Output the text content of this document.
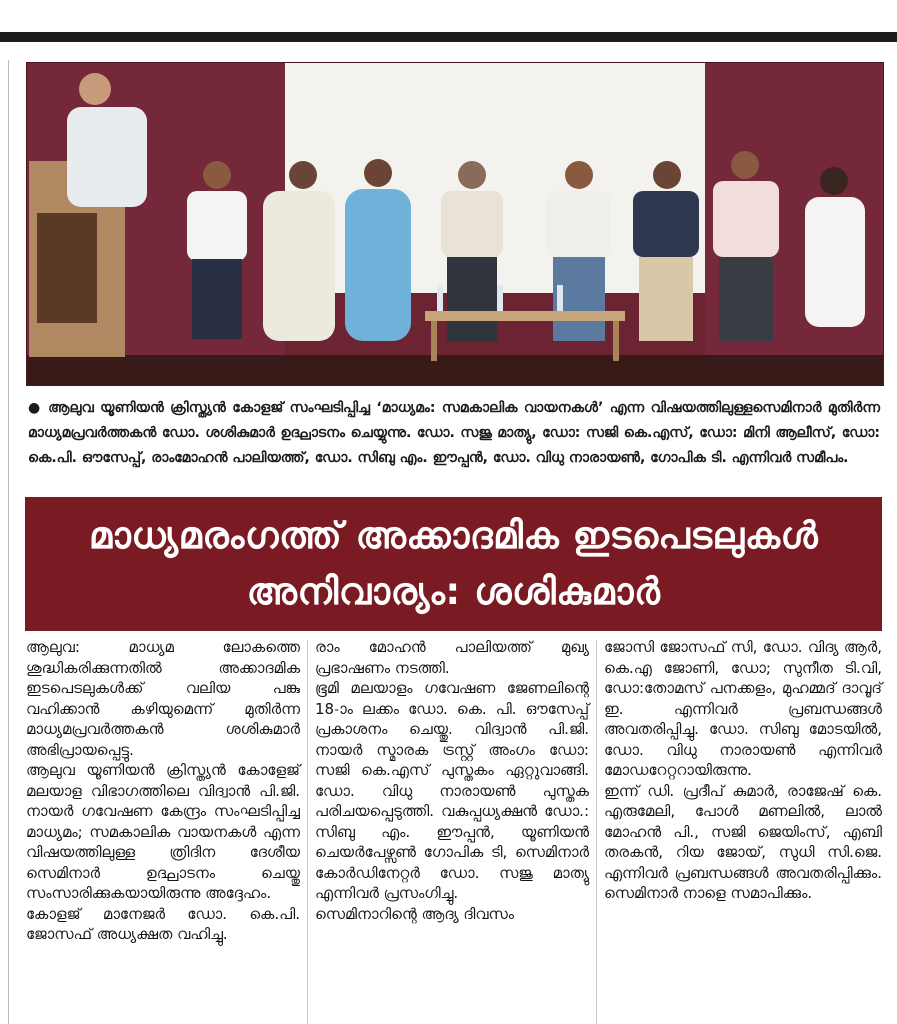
● ആലുവ യൂണിയൻ ക്രിസ്ത്യൻ കോളജ് സംഘടിപ്പിച്ച ‘മാധ്യമം: സമകാലിക വായനകൾ’ എന്ന വിഷയത്തിലുള്ളസെമിനാർ മുതിർന്ന മാധ്യമപ്രവർത്തകൻ ഡോ. ശശികുമാർ ഉദ്ഘാടനം ചെയ്യുന്നു. ഡോ. സജു മാത്യു, ഡോ: സജി കെ.എസ്, ഡോ: മിനി ആലീസ്, ഡോ: കെ.പി. ഔസേപ്പ്, രാംമോഹൻ പാലിയത്ത്, ഡോ. സിബു എം. ഈപ്പൻ, ഡോ. വിധു നാരായൺ, ഗോപിക ടി. എന്നിവർ സമീപം.
മാധ്യമരംഗത്ത് അക്കാദമിക ഇടപെടലുകൾ
അനിവാര്യം: ശശികുമാർ

ആലുവ: മാധ്യമ ലോകത്തെ ശുദ്ധികരിക്കുന്നതിൽ അക്കാദമിക ഇടപെടലുകൾക്ക് വലിയ പങ്കു വഹിക്കാൻ കഴിയുമെന്ന് മുതിർന്ന മാധ്യമപ്രവർത്തകൻ ശശികുമാർ അഭിപ്രായപ്പെട്ടു.

ആലുവ യൂണിയൻ ക്രിസ്ത്യൻ കോളേജ് മലയാള വിഭാഗത്തിലെ വിദ്വാൻ പി.ജി. നായർ ഗവേഷണ കേന്ദ്രം സംഘടിപ്പിച്ച മാധ്യമം; സമകാലിക വായനകൾ എന്ന വിഷയത്തിലുള്ള ത്രിദിന ദേശീയ സെമിനാർ ഉദ്ഘാടനം ചെയ്തു സംസാരിക്കുകയായിരുന്നു അദ്ദേഹം.

കോളജ് മാനേജർ ഡോ. കെ.പി. ജോസഫ് അധ്യക്ഷത വഹിച്ചു.

രാം മോഹൻ പാലിയത്ത് മുഖ്യ പ്രഭാഷണം നടത്തി.

ഭൂമി മലയാളം ഗവേഷണ ജേണലിന്റെ 18-ാം ലക്കം ഡോ. കെ. പി. ഔസേപ്പ് പ്രകാശനം ചെയ്തു. വിദ്വാൻ പി.ജി. നായർ സ്മാരക ട്രസ്റ്റ് അംഗം ഡോ: സജി കെ.എസ് പുസ്തകം ഏറ്റുവാങ്ങി. ഡോ. വിധു നാരായൺ പുസ്തക പരിചയപ്പെടുത്തി. വകുപ്പധ്യക്ഷൻ ഡോ.: സിബു എം. ഈപ്പൻ, യൂണിയൻ ചെയർപേഴ്സൺ ഗോപിക ടി, സെമിനാർ കോർഡിനേറ്റർ ഡോ. സജു മാത്യു എന്നിവർ പ്രസംഗിച്ചു.

സെമിനാറിന്റെ ആദ്യ ദിവസം

ജോസി ജോസഫ് സി, ഡോ. വിദ്യ ആർ, കെ.എ ജോണി, ഡോ; സുനീത ടി.വി, ഡോ:തോമസ് പനക്കളം, മുഹമ്മദ് ദാവൂദ് ഇ. എന്നിവർ പ്രബന്ധങ്ങൾ അവതരിപ്പിച്ചു. ഡോ. സിബു മോടയിൽ, ഡോ. വിധു നാരായൺ എന്നിവർ മോഡറേറ്ററായിരുന്നു.

ഇന്ന് ഡി. പ്രദീപ് കുമാർ, രാജേഷ് കെ. എരുമേലി, പോൾ മണലിൽ, ലാൽ മോഹൻ പി., സജി ജെയിംസ്, എബി തരകൻ, റിയ ജോയ്, സുധി സി.ജെ. എന്നിവർ പ്രബന്ധങ്ങൾ അവതരിപ്പിക്കും. സെമിനാർ നാളെ സമാപിക്കും.
